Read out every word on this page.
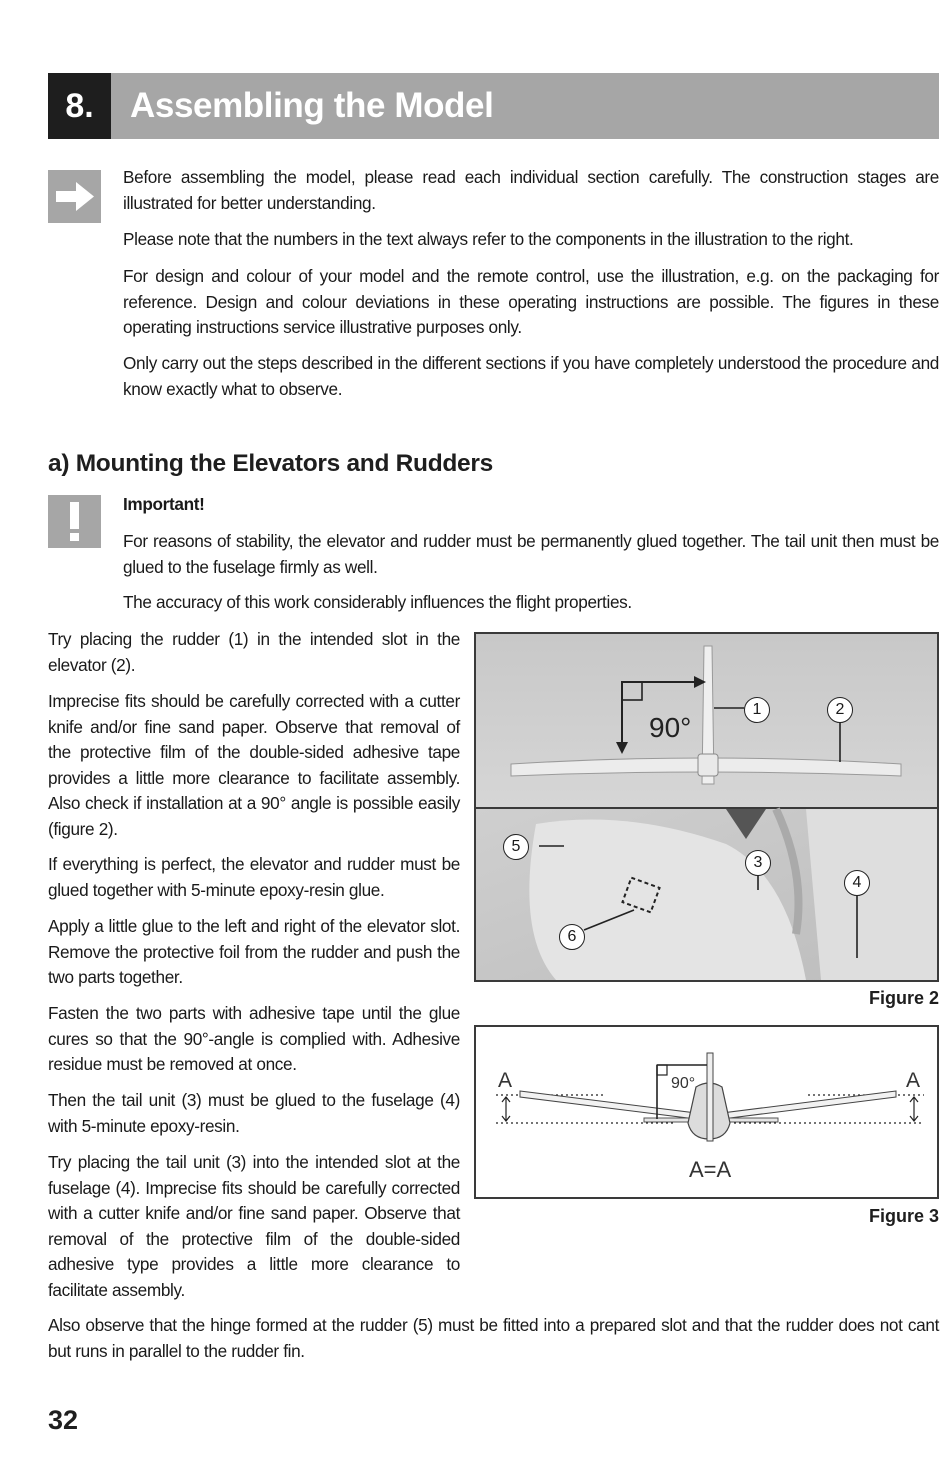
8.	Assembling the Model

Before assembling the model, please read each individual section carefully. The construction stages are illustrated for better understanding.

Please note that the numbers in the text always refer to the components in the illustration to the right.

For design and colour of your model and the remote control, use the illustration, e.g. on the packaging for reference. Design and colour deviations in these operating instructions are possible. The figures in these operating instructions service illustrative purposes only.

Only carry out the steps described in the different sections if you have completely understood the procedure and know exactly what to observe.

a) Mounting the Elevators and Rudders

Important!

For reasons of stability, the elevator and rudder must be permanently glued together. The tail unit then must be glued to the fuselage firmly as well.

The accuracy of this work considerably influences the flight properties.

Try placing the rudder (1) in the intended slot in the elevator (2).

Imprecise fits should be carefully corrected with a cutter knife and/or fine sand paper. Observe that removal of the protective film of the double-sided adhesive tape provides a little more clearance to facilitate assembly. Also check if installation at a 90° angle is possible easily (figure 2).

If everything is perfect, the elevator and rudder must be glued together with 5-minute epoxy-resin glue.

Apply a little glue to the left and right of the elevator slot. Remove the protective foil from the rudder and push the two parts together.

Fasten the two parts with adhesive tape until the glue cures so that the 90°-angle is complied with. Adhesive residue must be removed at once.

Then the tail unit (3) must be glued to the fuselage (4) with 5-minute epoxy-resin.

Try placing the tail unit (3) into the intended slot at the fuselage (4). Imprecise fits should be carefully corrected with a cutter knife and/or fine sand paper. Observe that removal of the protective film of the double-sided adhesive type provides a little more clearance to facilitate assembly.

Also observe that the hinge formed at the rudder (5) must be fitted into a prepared slot and that the rudder does not cant but runs in parallel to the rudder fin.

90°
1	2
3
4
5
6
Figure 2
A	A
90°
A=A
Figure 3
32
